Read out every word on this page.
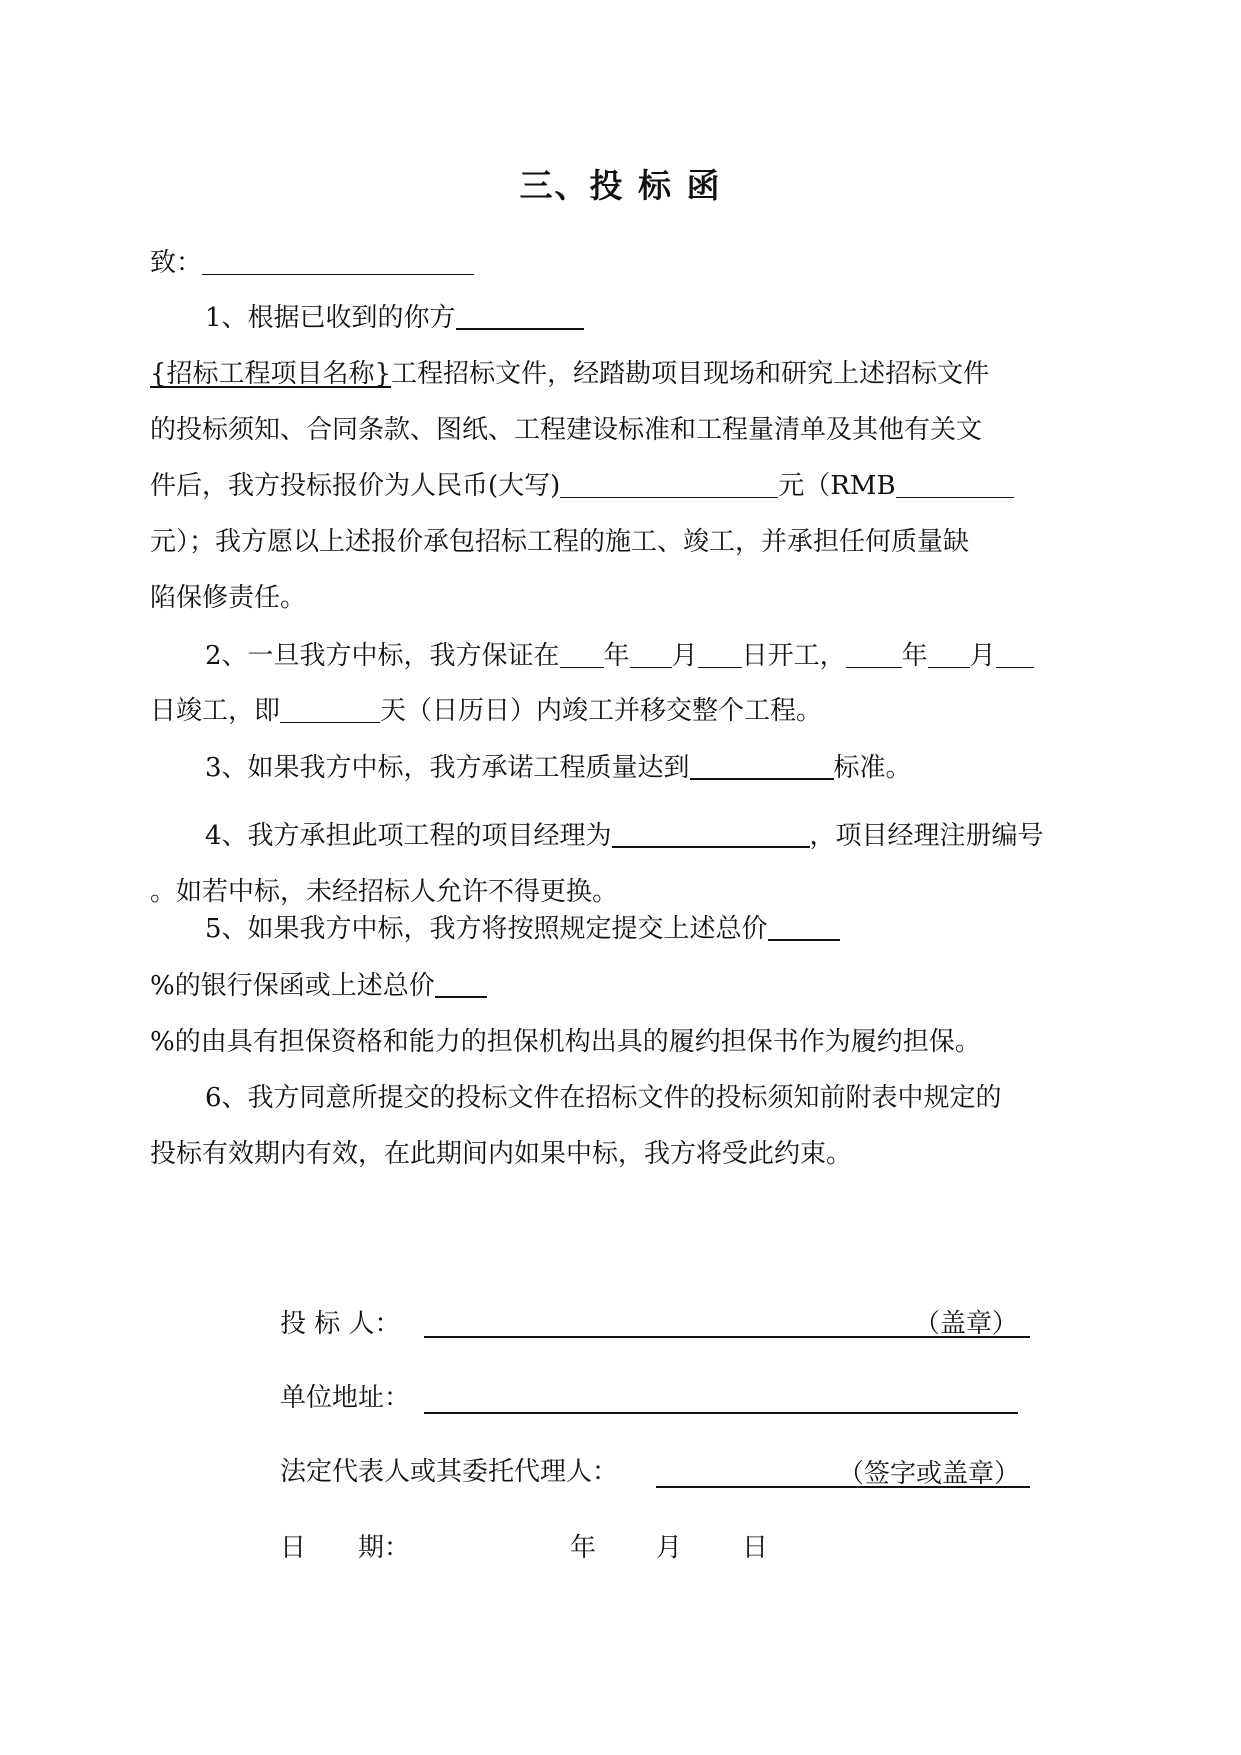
三、投 标 函
致：
1、根据已收到的你方
{招标工程项目名称}工程招标文件，经踏勘项目现场和研究上述招标文件
的投标须知、合同条款、图纸、工程建设标准和工程量清单及其他有关文
件后，我方投标报价为人民币(大写)	元（RMB
元）；我方愿以上述报价承包招标工程的施工、竣工，并承担任何质量缺
陷保修责任。
2、一旦我方中标，我方保证在 年 月 日开工， 年 月
日竣工，即	天（日历日）内竣工并移交整个工程。
3、如果我方中标，我方承诺工程质量达到	标准。
4、我方承担此项工程的项目经理为	，项目经理注册编号
。如若中标，未经招标人允许不得更换。
5、如果我方中标，我方将按照规定提交上述总价
%的银行保函或上述总价
%的由具有担保资格和能力的担保机构出具的履约担保书作为履约担保。
6、我方同意所提交的投标文件在招标文件的投标须知前附表中规定的
投标有效期内有效，在此期间内如果中标，我方将受此约束。
投 标 人：	（盖章）
单位地址：
法定代表人或其委托代理人：	（签字或盖章）
日　　期：	年 月 日
